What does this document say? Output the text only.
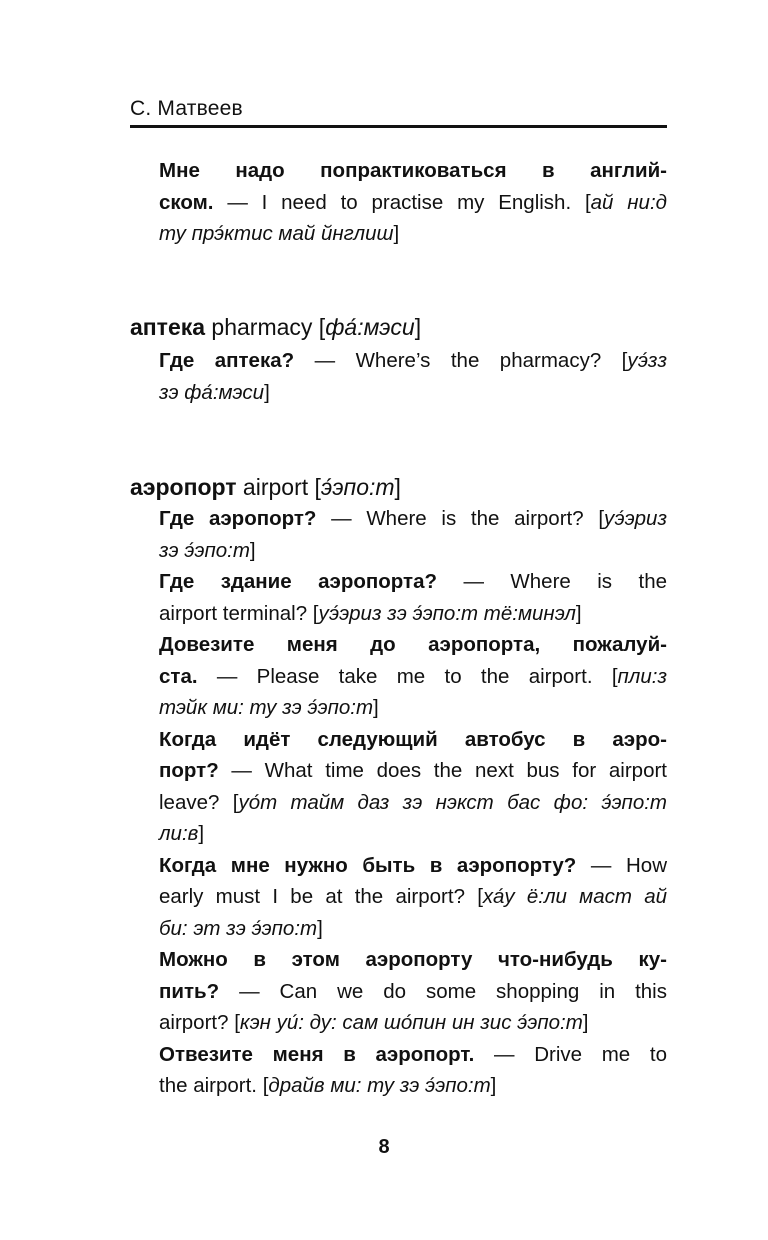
С. Матвеев
Мне надо попрактиковаться в англий-
ском. — I need to practise my English. [ай ни:д
ту прэ́ктис май йнглиш]
аптека pharmacy [фа́:мэси]
Где аптека? — Where’s the pharmacy? [уэ́зз
зэ фа́:мэси]
аэропорт airport [э́эпо:т]
Где аэропорт? — Where is the airport? [уэ́эриз
зэ э́эпо:т]
Где здание аэропорта? — Where is the
airport terminal? [уэ́эриз зэ э́эпо:т тё:минэл]
Довезите меня до аэропорта, пожалуй-
ста. — Please take me to the airport. [пли:з
тэйк ми: ту зэ э́эпо:т]
Когда идёт следующий автобус в аэро-
порт? — What time does the next bus for airport
leave? [уо́т тайм даз зэ нэкст бас фо: э́эпо:т
ли:в]
Когда мне нужно быть в аэропорту? — How
early must I be at the airport? [ха́у ё:ли маст ай
би: эт зэ э́эпо:т]
Можно в этом аэропорту что-нибудь ку-
пить? — Can we do some shopping in this
airport? [кэн уи́: ду: сам шо́пин ин зис э́эпо:т]
Отвезите меня в аэропорт. — Drive me to
the airport. [драйв ми: ту зэ э́эпо:т]
8
